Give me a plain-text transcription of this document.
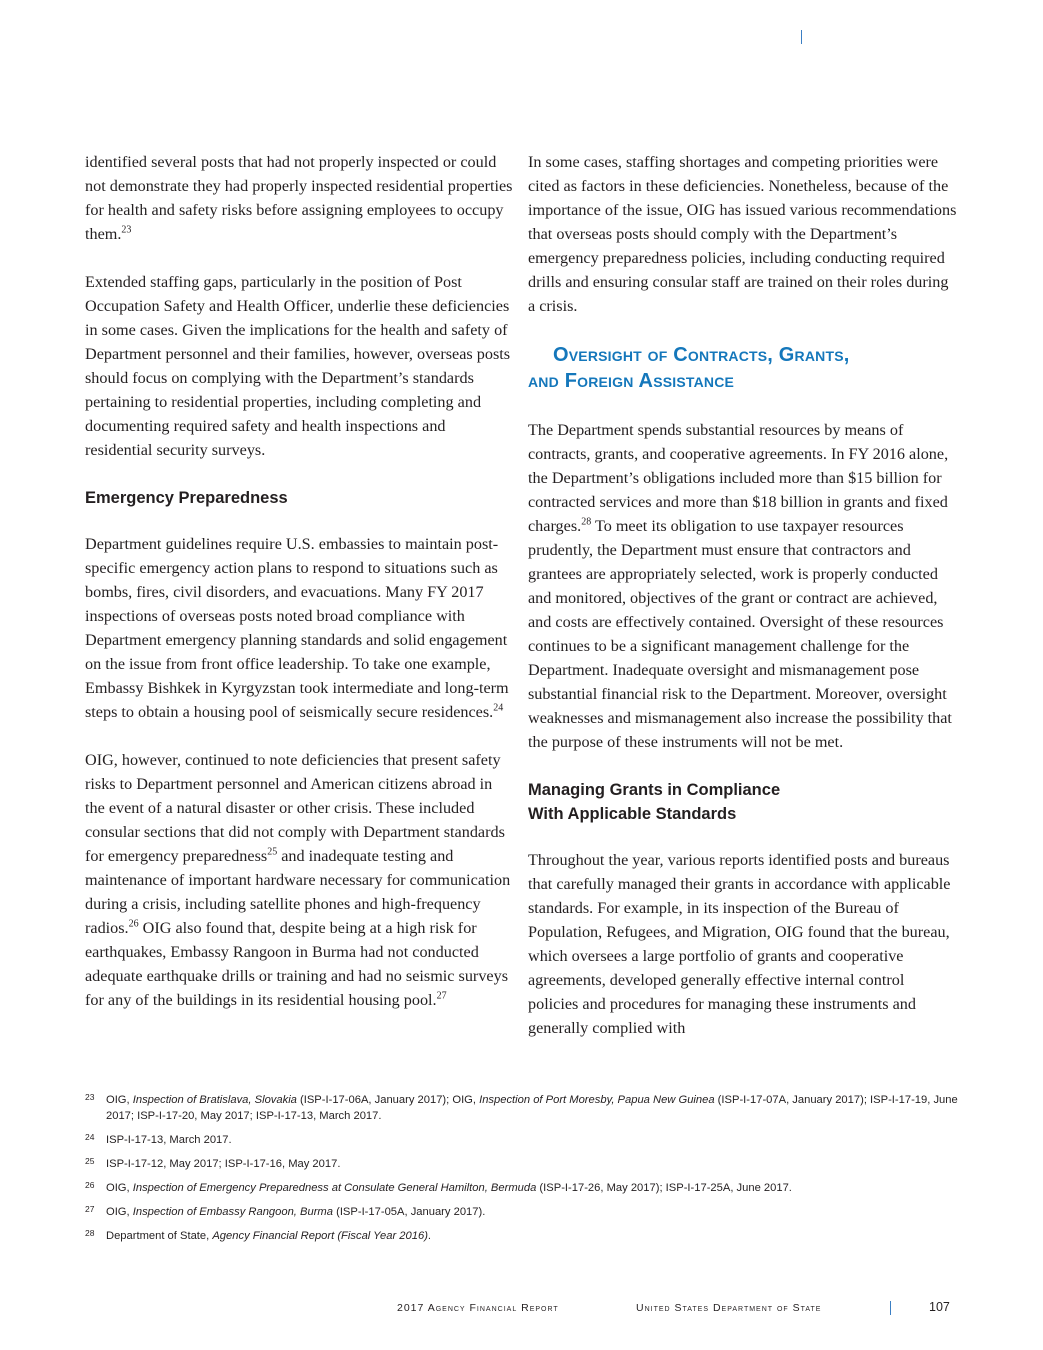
identified several posts that had not properly inspected or could not demonstrate they had properly inspected residential properties for health and safety risks before assigning employees to occupy them.$^{23}$

Extended staffing gaps, particularly in the position of Post Occupation Safety and Health Officer, underlie these deficiencies in some cases. Given the implications for the health and safety of Department personnel and their families, however, overseas posts should focus on complying with the Department’s standards pertaining to residential properties, including completing and documenting required safety and health inspections and residential security surveys.

Emergency Preparedness

Department guidelines require U.S. embassies to maintain post-specific emergency action plans to respond to situations such as bombs, fires, civil disorders, and evacuations. Many FY 2017 inspections of overseas posts noted broad compliance with Department emergency planning standards and solid engagement on the issue from front office leadership. To take one example, Embassy Bishkek in Kyrgyzstan took intermediate and long-term steps to obtain a housing pool of seismically secure residences.$^{24}$

OIG, however, continued to note deficiencies that present safety risks to Department personnel and American citizens abroad in the event of a natural disaster or other crisis. These included consular sections that did not comply with Department standards for emergency preparedness$^{25}$ and inadequate testing and maintenance of important hardware necessary for communication during a crisis, including satellite phones and high-frequency radios.$^{26}$ OIG also found that, despite being at a high risk for earthquakes, Embassy Rangoon in Burma had not conducted adequate earthquake drills or training and had no seismic surveys for any of the buildings in its residential housing pool.$^{27}$

In some cases, staffing shortages and competing priorities were cited as factors in these deficiencies. Nonetheless, because of the importance of the issue, OIG has issued various recommendations that overseas posts should comply with the Department’s emergency preparedness policies, including conducting required drills and ensuring consular staff are trained on their roles during a crisis.

Oversight of Contracts, Grants,
and Foreign Assistance

The Department spends substantial resources by means of contracts, grants, and cooperative agreements. In FY 2016 alone, the Department’s obligations included more than $15 billion for contracted services and more than $18 billion in grants and fixed charges.$^{28}$ To meet its obligation to use taxpayer resources prudently, the Department must ensure that contractors and grantees are appropriately selected, work is properly conducted and monitored, objectives of the grant or contract are achieved, and costs are effectively contained. Oversight of these resources continues to be a significant management challenge for the Department. Inadequate oversight and mismanagement pose substantial financial risk to the Department. Moreover, oversight weaknesses and mismanagement also increase the possibility that the purpose of these instruments will not be met.

Managing Grants in Compliance
With Applicable Standards

Throughout the year, various reports identified posts and bureaus that carefully managed their grants in accordance with applicable standards. For example, in its inspection of the Bureau of Population, Refugees, and Migration, OIG found that the bureau, which oversees a large portfolio of grants and cooperative agreements, developed generally effective internal control policies and procedures for managing these instruments and generally complied with

23 OIG, Inspection of Bratislava, Slovakia (ISP-I-17-06A, January 2017); OIG, Inspection of Port Moresby, Papua New Guinea (ISP-I-17-07A, January 2017); ISP-I-17-19, June 2017; ISP-I-17-20, May 2017; ISP-I-17-13, March 2017.
24 ISP-I-17-13, March 2017.
25 ISP-I-17-12, May 2017; ISP-I-17-16, May 2017.
26 OIG, Inspection of Emergency Preparedness at Consulate General Hamilton, Bermuda (ISP-I-17-26, May 2017); ISP-I-17-25A, June 2017.
27 OIG, Inspection of Embassy Rangoon, Burma (ISP-I-17-05A, January 2017).
28 Department of State, Agency Financial Report (Fiscal Year 2016).
2017 Agency Financial Report	United States Department of State	107
